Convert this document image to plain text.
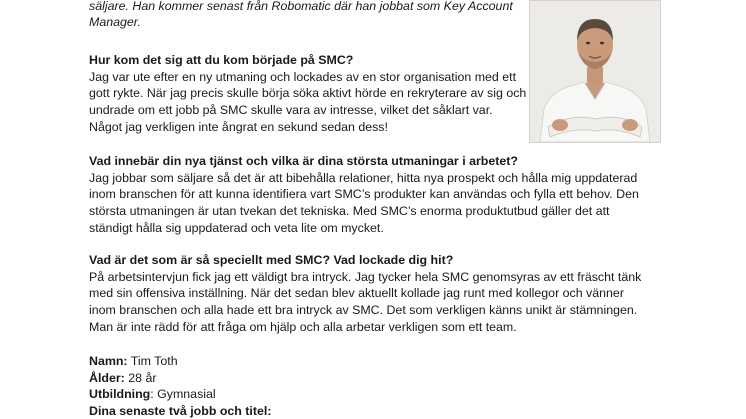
säljare. Han kommer senast från Robomatic där han jobbat som Key Account Manager.

Hur kom det sig att du kom började på SMC?

Jag var ute efter en ny utmaning och lockades av en stor organisation med ett gott rykte. När jag precis skulle börja söka aktivt hörde en rekryterare av sig och undrade om ett jobb på SMC skulle vara av intresse, vilket det såklart var. Något jag verkligen inte ångrat en sekund sedan dess!

Vad innebär din nya tjänst och vilka är dina största utmaningar i arbetet?

Jag jobbar som säljare så det är att bibehålla relationer, hitta nya prospekt och hålla mig uppdaterad inom branschen för att kunna identifiera vart SMC’s produkter kan användas och fylla ett behov. Den största utmaningen är utan tvekan det tekniska. Med SMC’s enorma produktutbud gäller det att ständigt hålla sig uppdaterad och veta lite om mycket.

Vad är det som är så speciellt med SMC? Vad lockade dig hit?

På arbetsintervjun fick jag ett väldigt bra intryck. Jag tycker hela SMC genomsyras av ett fräscht tänk med sin offensiva inställning. När det sedan blev aktuellt kollade jag runt med kollegor och vänner inom branschen och alla hade ett bra intryck av SMC. Det som verkligen känns unikt är stämningen. Man är inte rädd för att fråga om hjälp och alla arbetar verkligen som ett team.

Namn: Tim Toth
Ålder: 28 år
Utbildning: Gymnasial
Dina senaste två jobb och titel:
